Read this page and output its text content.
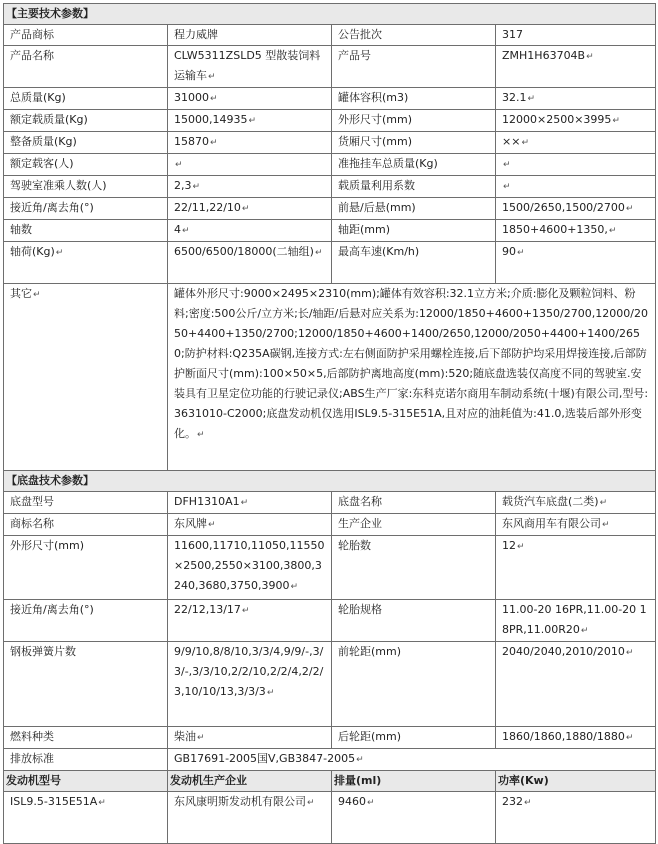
【主要技术参数】			
产品商标	程力威牌	公告批次	317
产品名称	CLW5311ZSLD5 型散装饲料运输车↵	产品号	ZMH1H63704B↵
总质量(Kg)	31000↵	罐体容积(m3)	32.1↵
额定载质量(Kg)	15000,14935↵	外形尺寸(mm)	12000×2500×3995↵
整备质量(Kg)	15870↵	货厢尺寸(mm)	××↵
额定载客(人)	↵	准拖挂车总质量(Kg)	↵
驾驶室准乘人数(人)	2,3↵	载质量利用系数	↵
接近角/离去角(°)	22/11,22/10↵	前悬/后悬(mm)	1500/2650,1500/2700↵
轴数	4↵	轴距(mm)	1850+4600+1350,↵
轴荷(Kg)↵	6500/6500/18000(二轴组)↵	最高车速(Km/h)	90↵
其它↵	罐体外形尺寸:9000×2495×2310(mm);罐体有效容积:32.1立方米;介质:膨化及颗粒饲料、粉料;密度:500公斤/立方米;长/轴距/后悬对应关系为:12000/1850+4600+1350/2700,12000/2050+4400+1350/2700;12000/1850+4600+1400/2650,12000/2050+4400+1400/2650;防护材料:Q235A碳钢,连接方式:左右侧面防护采用螺栓连接,后下部防护均采用焊接连接,后部防护断面尺寸(mm):100×50×5,后部防护离地高度(mm):520;随底盘选装仅高度不同的驾驶室.安装具有卫星定位功能的行驶记录仪;ABS生产厂家:东科克诺尔商用车制动系统(十堰)有限公司,型号:3631010-C2000;底盘发动机仅选用ISL9.5-315E51A,且对应的油耗值为:41.0,选装后部外形变化。↵		
【底盘技术参数】			
底盘型号	DFH1310A1↵	底盘名称	载货汽车底盘(二类)↵
商标名称	东风牌↵	生产企业	东风商用车有限公司↵
外形尺寸(mm)	11600,11710,11050,11550×2500,2550×3100,3800,3240,3680,3750,3900↵	轮胎数	12↵
接近角/离去角(°)	22/12,13/17↵	轮胎规格	11.00-20 16PR,11.00-20 18PR,11.00R20↵
钢板弹簧片数	9/9/10,8/8/10,3/3/4,9/9/-,3/3/-,3/3/10,2/2/10,2/2/4,2/2/3,10/10/13,3/3/3↵	前轮距(mm)	2040/2040,2010/2010↵
燃料种类	柴油↵	后轮距(mm)	1860/1860,1880/1880↵
排放标准	GB17691-2005国Ⅴ,GB3847-2005↵		
发动机型号	发动机生产企业	排量(ml)	功率(Kw)
ISL9.5-315E51A↵	东风康明斯发动机有限公司↵	9460↵	232↵
